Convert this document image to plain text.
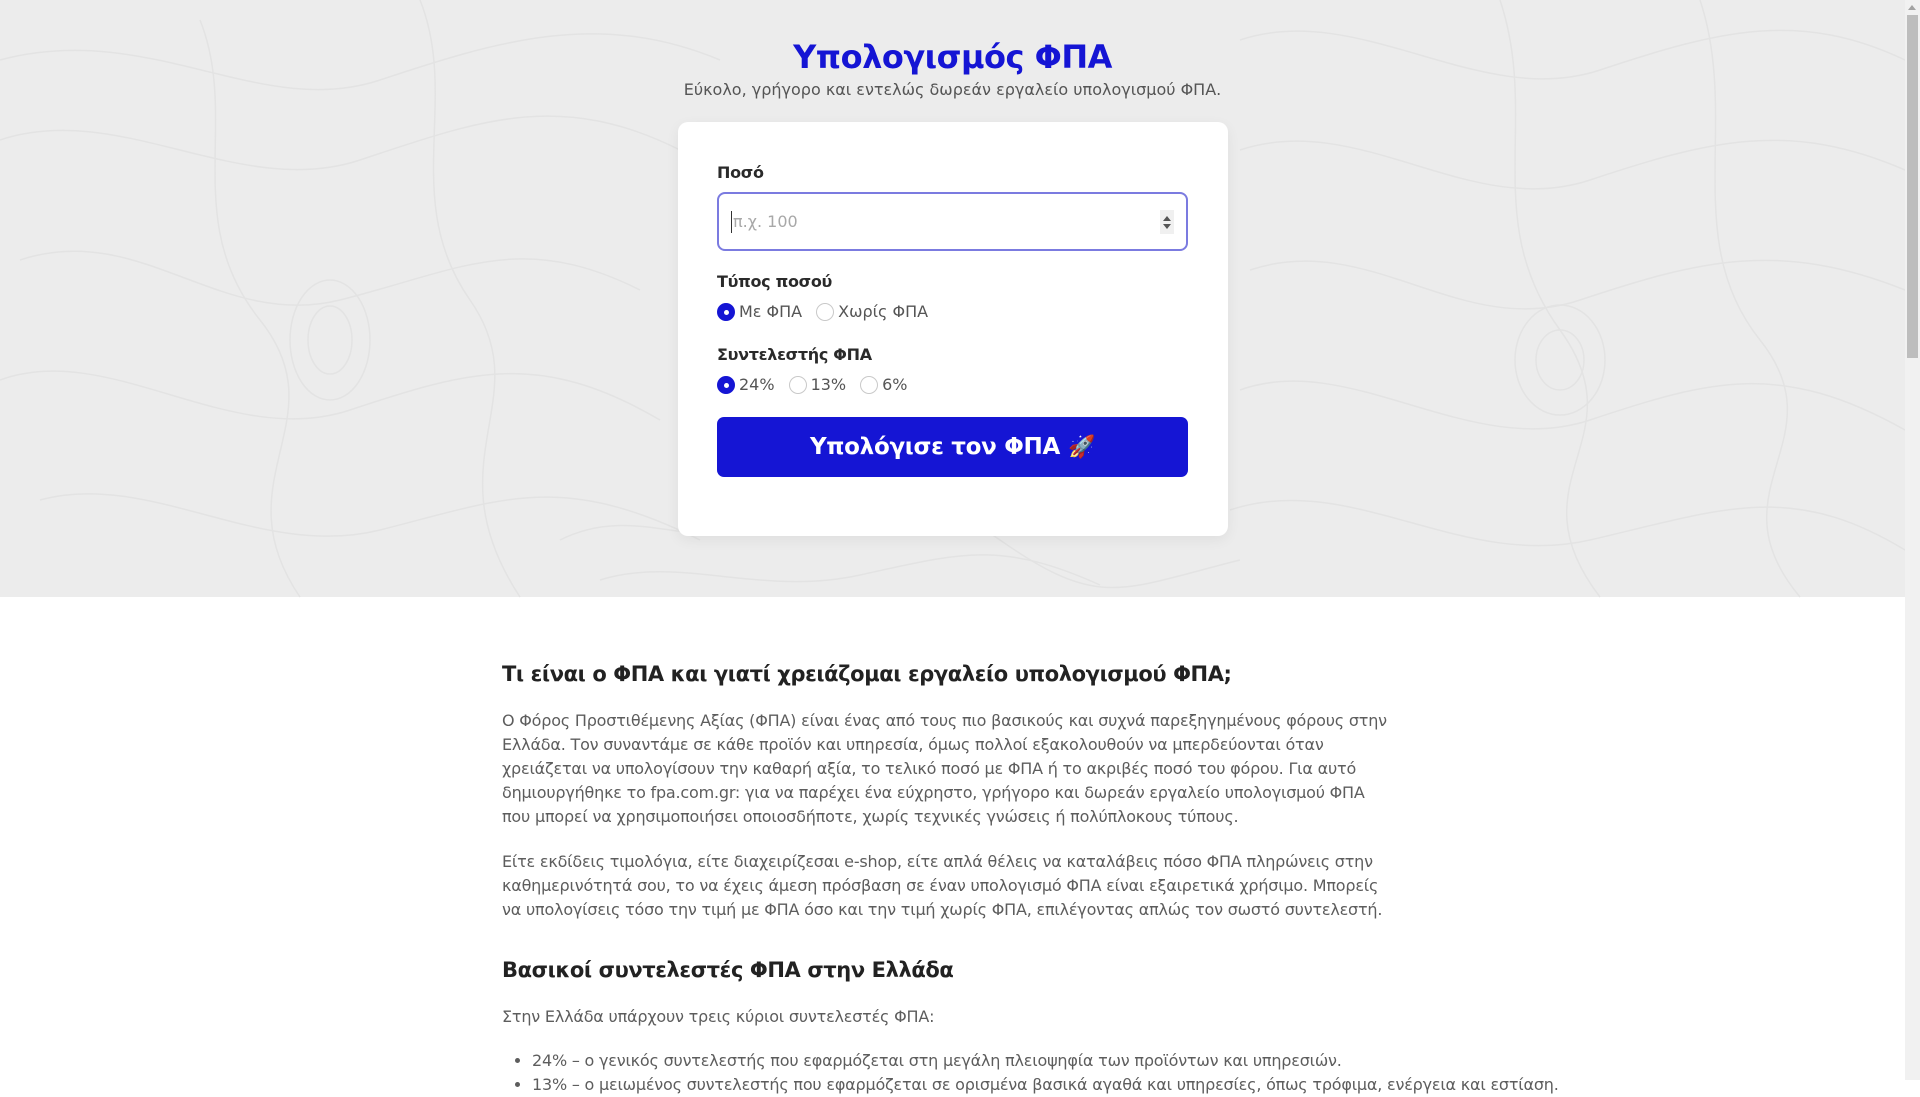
Υπολογισμός ΦΠΑ

Εύκολο, γρήγορο και εντελώς δωρεάν εργαλείο υπολογισμού ΦΠΑ.

Ποσό
π.χ. 100
Τύπος ποσού
Με ΦΠΑ Χωρίς ΦΠΑ
Συντελεστής ΦΠΑ
24% 13% 6%
Υπολόγισε τον ΦΠΑ 🚀
Τι είναι ο ΦΠΑ και γιατί χρειάζομαι εργαλείο υπολογισμού ΦΠΑ;

Ο Φόρος Προστιθέμενης Αξίας (ΦΠΑ) είναι ένας από τους πιο βασικούς και συχνά παρεξηγημένους φόρους στην Ελλάδα. Τον συναντάμε σε κάθε προϊόν και υπηρεσία, όμως πολλοί εξακολουθούν να μπερδεύονται όταν χρειάζεται να υπολογίσουν την καθαρή αξία, το τελικό ποσό με ΦΠΑ ή το ακριβές ποσό του φόρου. Για αυτό δημιουργήθηκε το fpa.com.gr: για να παρέχει ένα εύχρηστο, γρήγορο και δωρεάν εργαλείο υπολογισμού ΦΠΑ που μπορεί να χρησιμοποιήσει οποιοσδήποτε, χωρίς τεχνικές γνώσεις ή πολύπλοκους τύπους.

Είτε εκδίδεις τιμολόγια, είτε διαχειρίζεσαι e-shop, είτε απλά θέλεις να καταλάβεις πόσο ΦΠΑ πληρώνεις στην καθημερινότητά σου, το να έχεις άμεση πρόσβαση σε έναν υπολογισμό ΦΠΑ είναι εξαιρετικά χρήσιμο. Μπορείς να υπολογίσεις τόσο την τιμή με ΦΠΑ όσο και την τιμή χωρίς ΦΠΑ, επιλέγοντας απλώς τον σωστό συντελεστή.

Βασικοί συντελεστές ΦΠΑ στην Ελλάδα

Στην Ελλάδα υπάρχουν τρεις κύριοι συντελεστές ΦΠΑ:

• 24% – ο γενικός συντελεστής που εφαρμόζεται στη μεγάλη πλειοψηφία των προϊόντων και υπηρεσιών.
• 13% – ο μειωμένος συντελεστής που εφαρμόζεται σε ορισμένα βασικά αγαθά και υπηρεσίες, όπως τρόφιμα, ενέργεια και εστίαση.
